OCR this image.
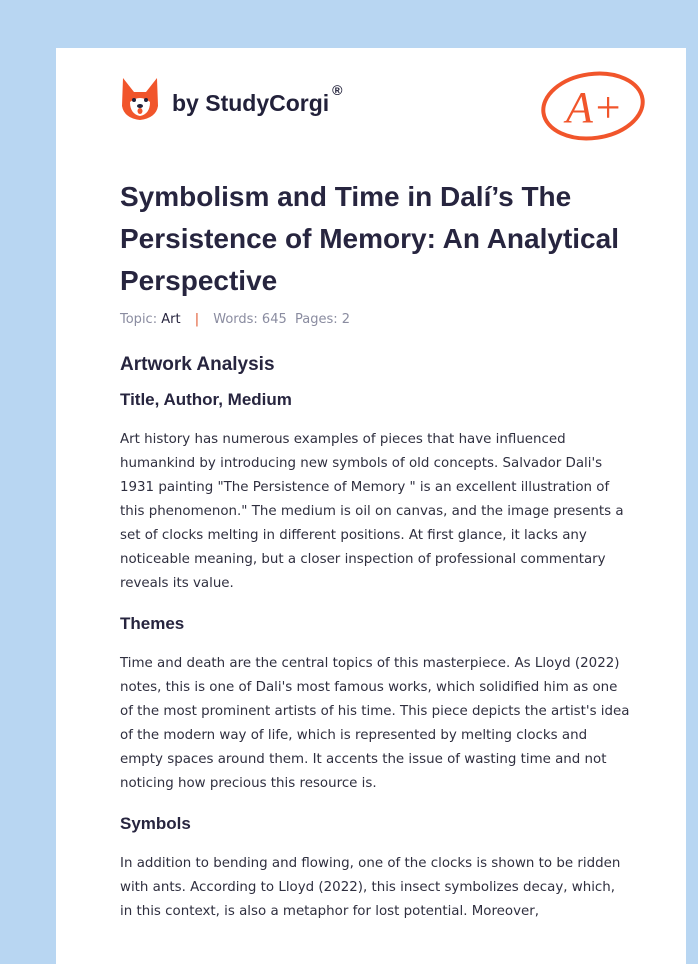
by StudyCorgi ®	A+
Symbolism and Time in Dalí’s The Persistence of Memory: An Analytical Perspective
Topic: Art | Words: 645 Pages: 2
Artwork Analysis
Title, Author, Medium

Art history has numerous examples of pieces that have influenced humankind by introducing new symbols of old concepts. Salvador Dali's 1931 painting "The Persistence of Memory " is an excellent illustration of this phenomenon." The medium is oil on canvas, and the image presents a set of clocks melting in different positions. At first glance, it lacks any noticeable meaning, but a closer inspection of professional commentary reveals its value.

Themes

Time and death are the central topics of this masterpiece. As Lloyd (2022) notes, this is one of Dali's most famous works, which solidified him as one of the most prominent artists of his time. This piece depicts the artist's idea of the modern way of life, which is represented by melting clocks and empty spaces around them. It accents the issue of wasting time and not noticing how precious this resource is.

Symbols

In addition to bending and flowing, one of the clocks is shown to be ridden with ants. According to Lloyd (2022), this insect symbolizes decay, which, in this context, is also a metaphor for lost potential. Moreover,
